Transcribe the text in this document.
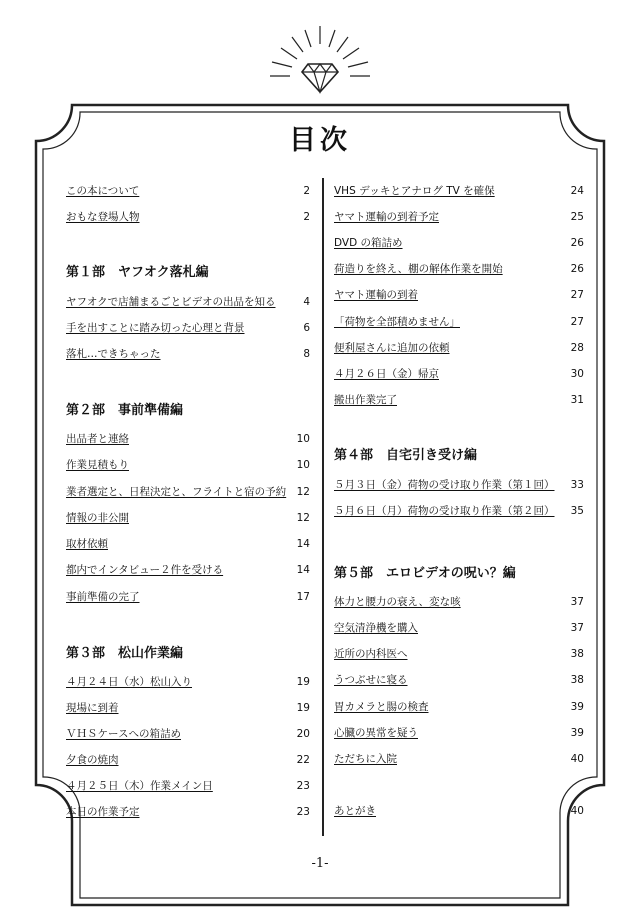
目次
この本について	2
おもな登場人物	2
第１部　ヤフオク落札編
ヤフオクで店舗まるごとビデオの出品を知る	4
手を出すことに踏み切った心理と背景	6
落札…できちゃった	8
第２部　事前準備編
出品者と連絡	10
作業見積もり	10
業者選定と、日程決定と、フライトと宿の予約 12
情報の非公開	12
取材依頼	14
都内でインタビュー２件を受ける	14
事前準備の完了	17
第３部　松山作業編
４月２４日（水）松山入り	19
現場に到着	19
ＶＨＳケースへの箱詰め	20
夕食の焼肉	22
４月２５日（木）作業メイン日	23
本日の作業予定	23
VHS デッキとアナログ TV を確保	24
ヤマト運輸の到着予定	25
DVD の箱詰め	26
荷造りを終え、棚の解体作業を開始	26
ヤマト運輸の到着	27
「荷物を全部積めません」	27
便利屋さんに追加の依頼	28
４月２６日（金）帰京	30
搬出作業完了	31
第４部　自宅引き受け編
５月３日（金）荷物の受け取り作業（第１回） 33
５月６日（月）荷物の受け取り作業（第２回） 35
第５部　エロビデオの呪い？編
体力と腰力の衰え、変な咳	37
空気清浄機を購入	37
近所の内科医へ	38
うつぶせに寝る	38
胃カメラと腸の検査	39
心臓の異常を疑う	39
ただちに入院	40
あとがき	40
-1-
